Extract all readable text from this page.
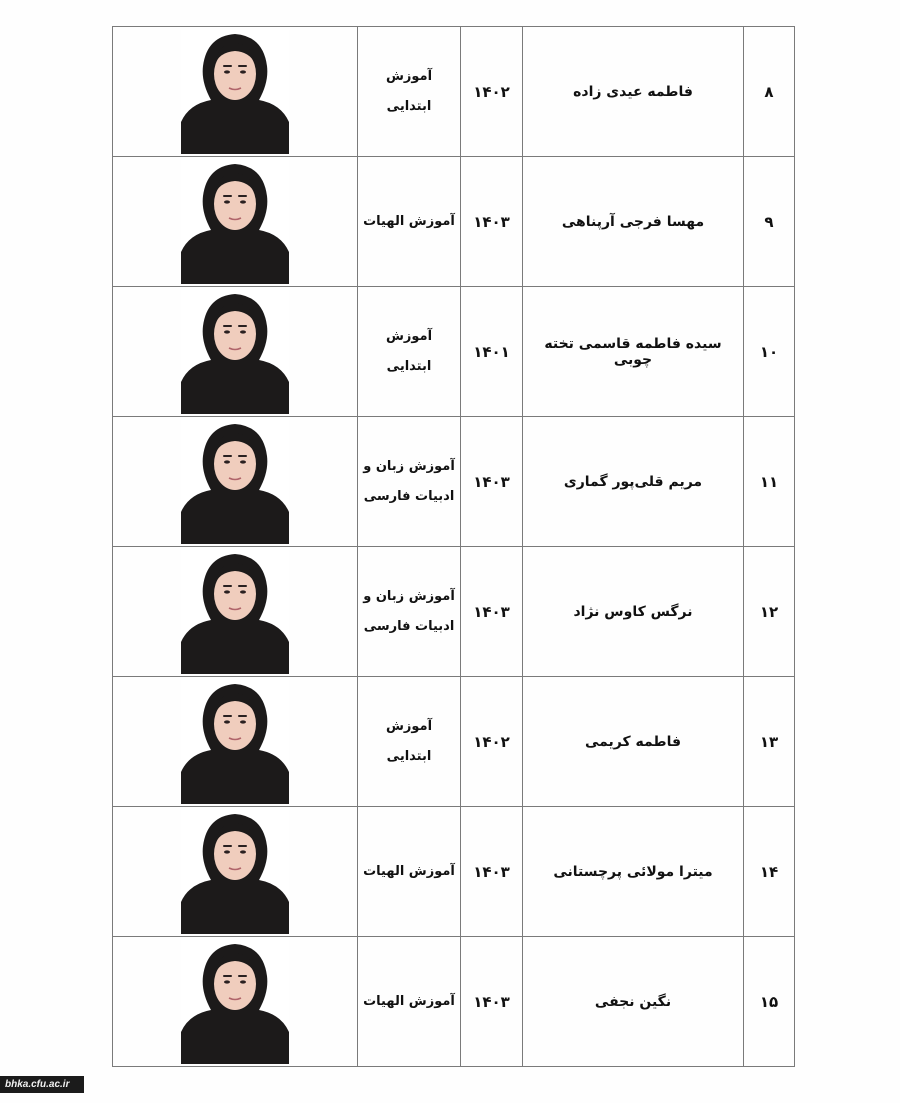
۸	فاطمه عیدی زاده	۱۴۰۲	آموزش
ابتدایی

۹	مهسا فرجی آرپناهی	۱۴۰۳	آموزش الهیات

۱۰	سیده فاطمه قاسمی تخته چوبی	۱۴۰۱	آموزش
ابتدایی

۱۱	مریم قلی‌پور گماری	۱۴۰۳	آموزش زبان و
ادبیات فارسی

۱۲	نرگس کاوس نژاد	۱۴۰۳	آموزش زبان و
ادبیات فارسی

۱۳	فاطمه کریمی	۱۴۰۲	آموزش
ابتدایی

۱۴	میترا مولائی پرچستانی	۱۴۰۳	آموزش الهیات

۱۵	نگین نجفی	۱۴۰۳	آموزش الهیات

bhka.cfu.ac.ir
